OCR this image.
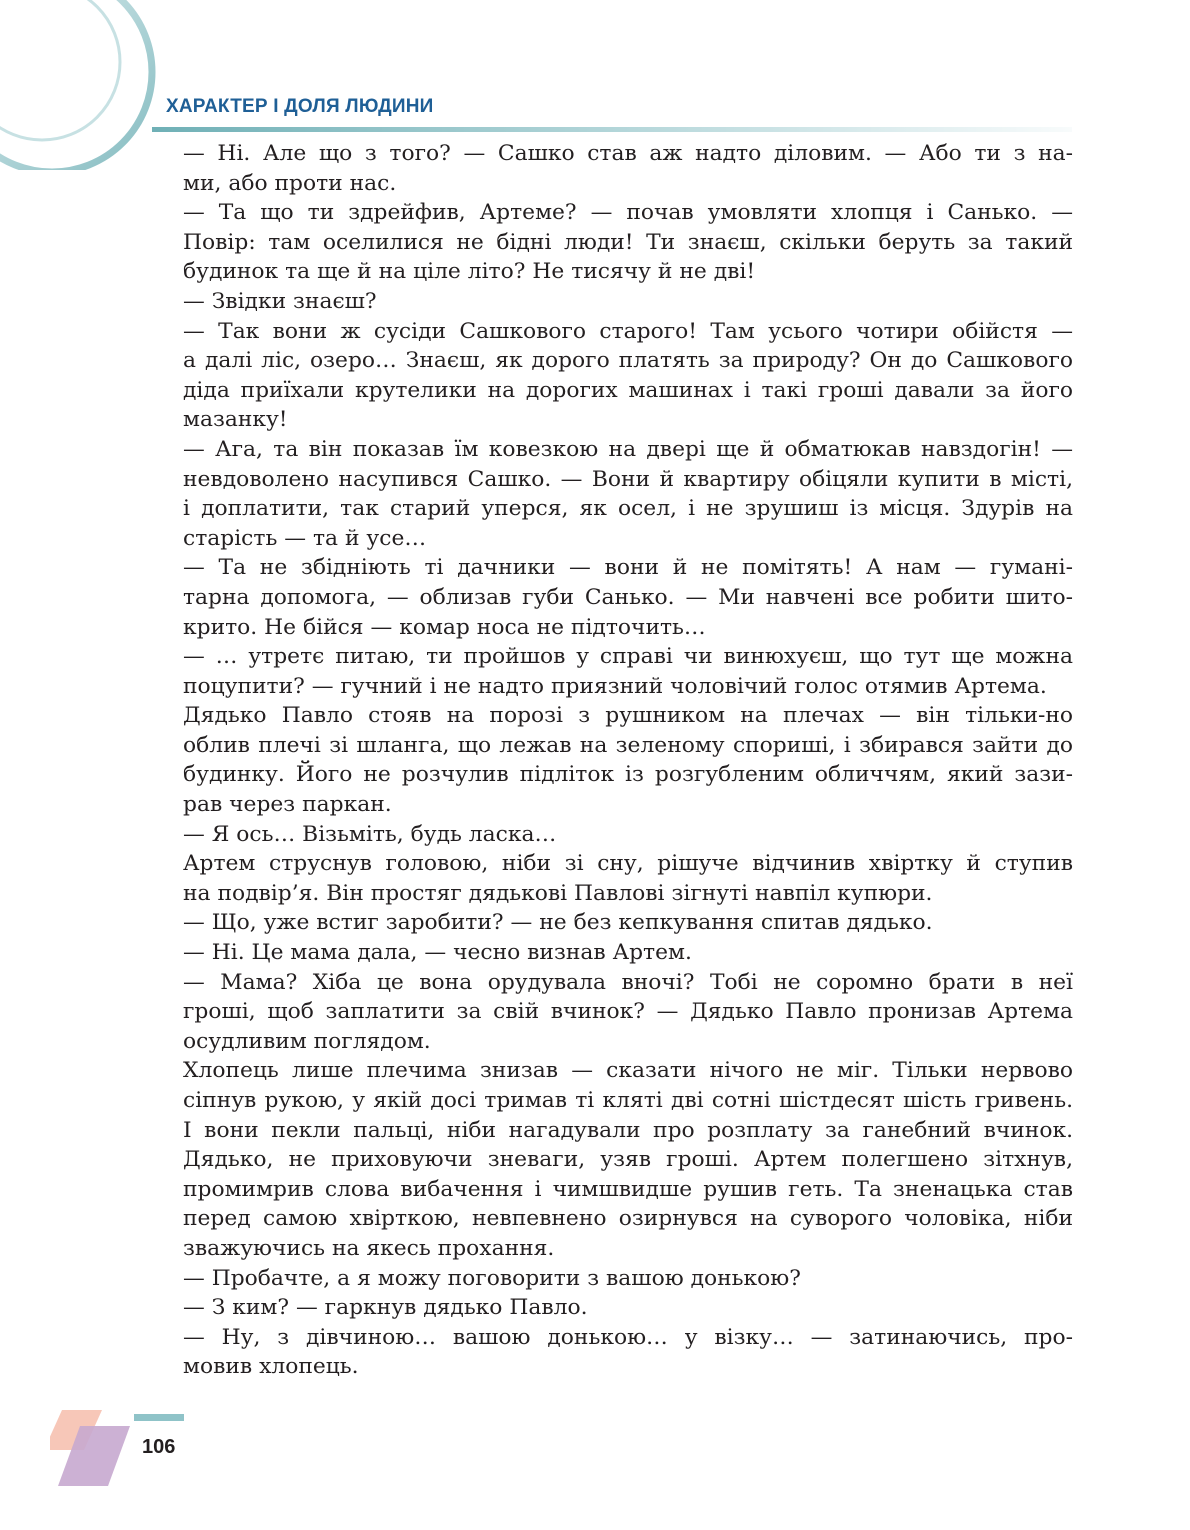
ХАРАКТЕР І ДОЛЯ ЛЮДИНИ

— Ні. Але що з того? — Сашко став аж надто діловим. — Або ти з на-
ми, або проти нас.

— Та що ти здрейфив, Артеме? — почав умовляти хлопця і Санько. —
Повір: там оселилися не бідні люди! Ти знаєш, скільки беруть за такий
будинок та ще й на ціле літо? Не тисячу й не дві!

— Звідки знаєш?

— Так вони ж сусіди Сашкового старого! Там усього чотири обійстя —
а далі ліс, озеро… Знаєш, як дорого платять за природу? Он до Сашкового
діда приїхали крутелики на дорогих машинах і такі гроші давали за його
мазанку!

— Ага, та він показав їм ковезкою на двері ще й обматюкав навздогін! —
невдоволено насупився Сашко. — Вони й квартиру обіцяли купити в місті,
і доплатити, так старий уперся, як осел, і не зрушиш із місця. Здурів на
старість — та й усе…

— Та не збідніють ті дачники — вони й не помітять! А нам — гумані-
тарна допомога, — облизав губи Санько. — Ми навчені все робити шито-
крито. Не бійся — комар носа не підточить…

— … утретє питаю, ти пройшов у справі чи винюхуєш, що тут ще можна
поцупити? — гучний і не надто приязний чоловічий голос отямив Артема.

Дядько Павло стояв на порозі з рушником на плечах — він тільки-но
облив плечі зі шланга, що лежав на зеленому спориші, і збирався зайти до
будинку. Його не розчулив підліток із розгубленим обличчям, який зази-
рав через паркан.

— Я ось… Візьміть, будь ласка…

Артем струснув головою, ніби зі сну, рішуче відчинив хвіртку й ступив
на подвір’я. Він простяг дядькові Павлові зігнуті навпіл купюри.

— Що, уже встиг заробити? — не без кепкування спитав дядько.

— Ні. Це мама дала, — чесно визнав Артем.

— Мама? Хіба це вона орудувала вночі? Тобі не соромно брати в неї
гроші, щоб заплатити за свій вчинок? — Дядько Павло пронизав Артема
осудливим поглядом.

Хлопець лише плечима знизав — сказати нічого не міг. Тільки нервово
сіпнув рукою, у якій досі тримав ті кляті дві сотні шістдесят шість гривень.
І вони пекли пальці, ніби нагадували про розплату за ганебний вчинок.
Дядько, не приховуючи зневаги, узяв гроші. Артем полегшено зітхнув,
промимрив слова вибачення і чимшвидше рушив геть. Та зненацька став
перед самою хвірткою, невпевнено озирнувся на суворого чоловіка, ніби
зважуючись на якесь прохання.

— Пробачте, а я можу поговорити з вашою донькою?

— З ким? — гаркнув дядько Павло.

— Ну, з дівчиною… вашою донькою… у візку… — затинаючись, про-
мовив хлопець.

106
